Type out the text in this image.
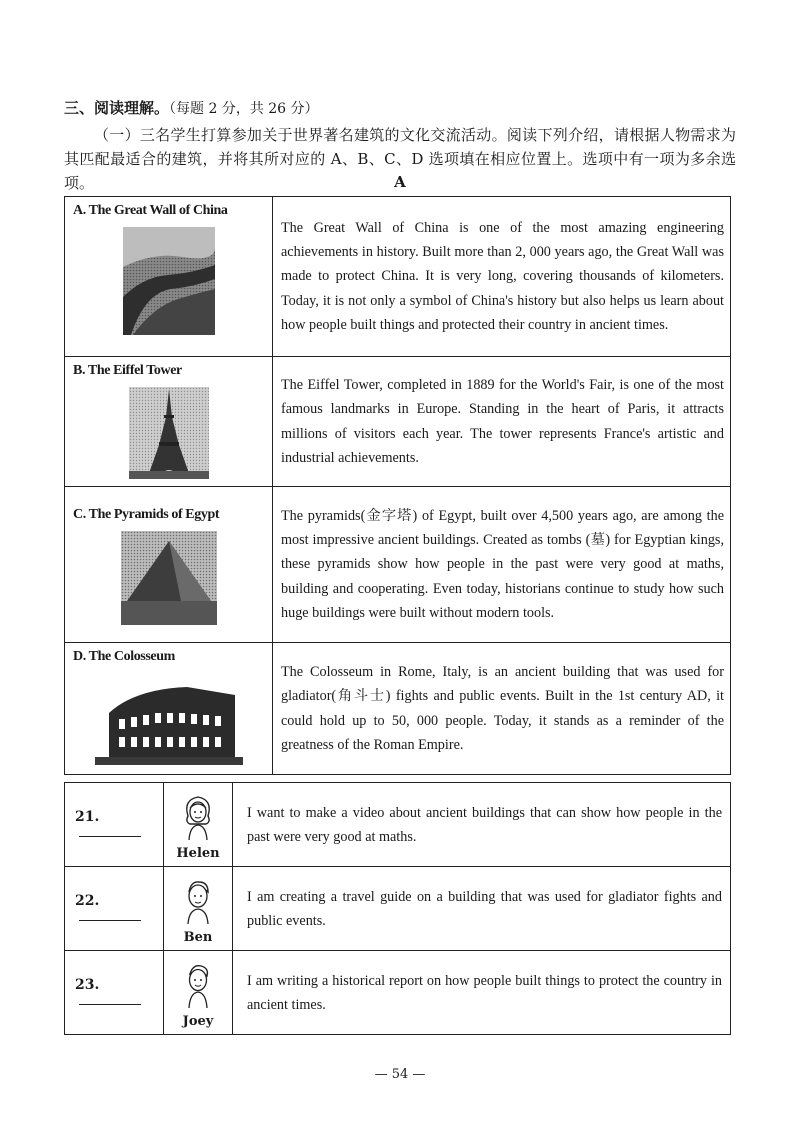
三、阅读理解。（每题 2 分，共 26 分）
（一）三名学生打算参加关于世界著名建筑的文化交流活动。阅读下列介绍，请根据人物需求为其匹配最适合的建筑，并将其所对应的 A、B、C、D 选项填在相应位置上。选项中有一项为多余选项。	A
A. The Great Wall of China	The Great Wall of China is one of the most amazing engineering achievements in history. Built more than 2, 000 years ago, the Great Wall was made to protect China. It is very long, covering thousands of kilometers. Today, it is not only a symbol of China's history but also helps us learn about how people built things and protected their country in ancient times.

B. The Eiffel Tower	The Eiffel Tower, completed in 1889 for the World's Fair, is one of the most famous landmarks in Europe. Standing in the heart of Paris, it attracts millions of visitors each year. The tower represents France's artistic and industrial achievements.

C. The Pyramids of Egypt	The pyramids(金字塔) of Egypt, built over 4,500 years ago, are among the most impressive ancient buildings. Created as tombs (墓) for Egyptian kings, these pyramids show how people in the past were very good at maths, building and cooperating. Even today, historians continue to study how such huge buildings were built without modern tools.

D. The Colosseum	The Colosseum in Rome, Italy, is an ancient building that was used for gladiator(角斗士) fights and public events. Built in the 1st century AD, it could hold up to 50, 000 people. Today, it stands as a reminder of the greatness of the Roman Empire.
21.	Helen	I want to make a video about ancient buildings that can show how people in the past were very good at maths.
22.	Ben	I am creating a travel guide on a building that was used for gladiator fights and public events.
23.	Joey	I am writing a historical report on how people built things to protect the country in ancient times.
— 54 —
